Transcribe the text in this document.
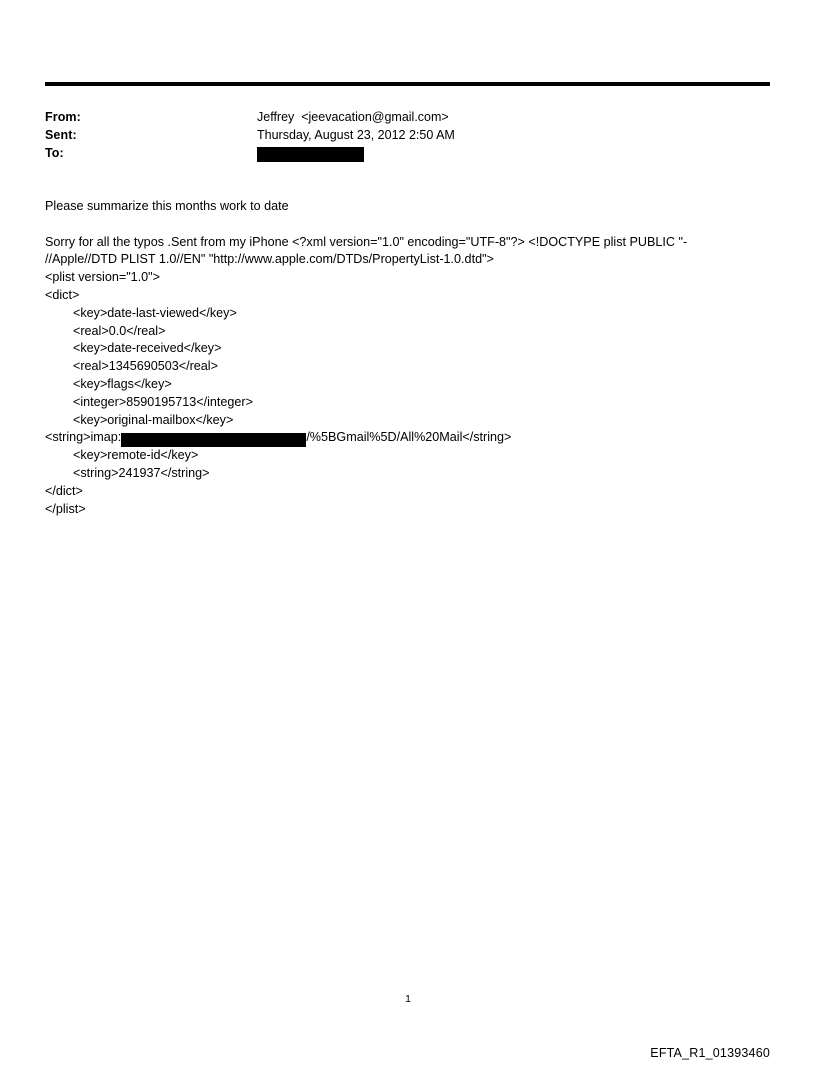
From:	Jeffrey  <jeevacation@gmail.com>
Sent:	Thursday, August 23, 2012 2:50 AM
To:
Please summarize this months work to date
Sorry for all the typos .Sent from my iPhone <?xml version="1.0" encoding="UTF-8"?> <!DOCTYPE plist PUBLIC "-
//Apple//DTD PLIST 1.0//EN" "http://www.apple.com/DTDs/PropertyList-1.0.dtd">
<plist version="1.0">
<dict>
<key>date-last-viewed</key>
<real>0.0</real>
<key>date-received</key>
<real>1345690503</real>
<key>flags</key>
<integer>8590195713</integer>
<key>original-mailbox</key>
<string>imap:	/%5BGmail%5D/All%20Mail</string>
<key>remote-id</key>
<string>241937</string>
</dict>
</plist>
1
EFTA_R1_01393460
